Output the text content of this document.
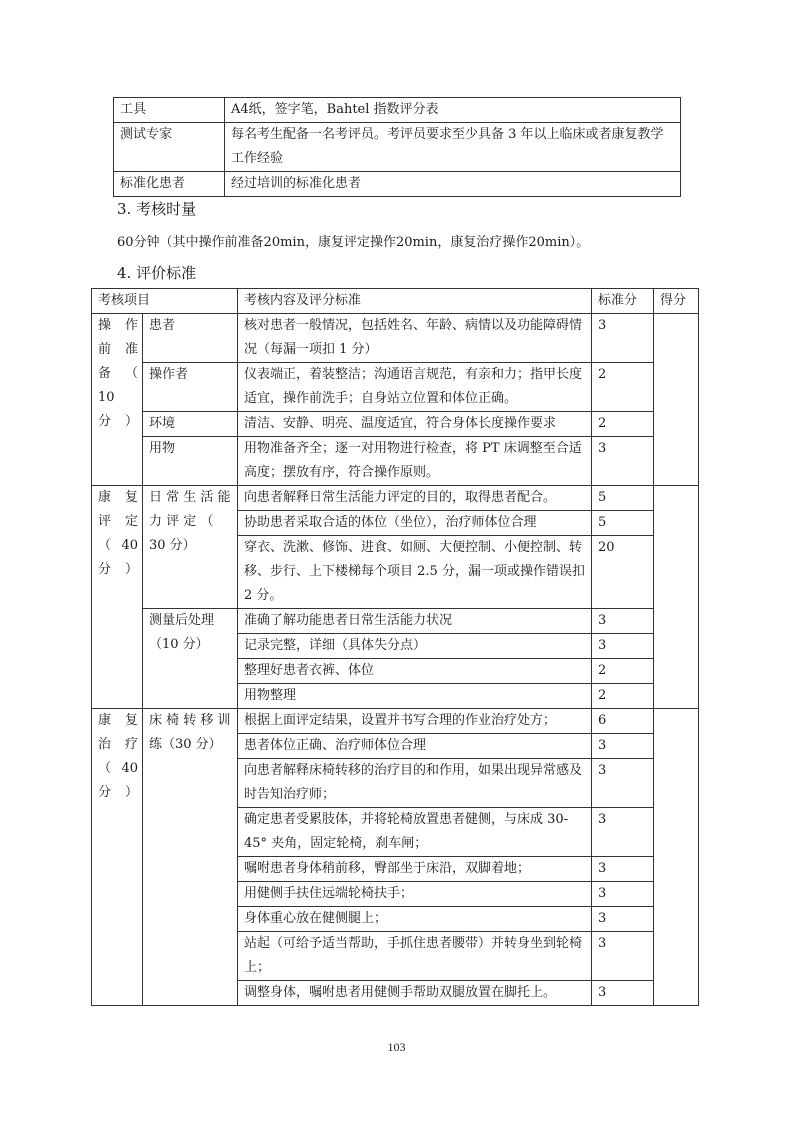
工具	A4纸，签字笔，Bahtel 指数评分表
测试专家	每名考生配备一名考评员。考评员要求至少具备 3 年以上临床或者康复教学工作经验
标准化患者	经过培训的标准化患者
3. 考核时量
60分钟（其中操作前准备20min，康复评定操作20min，康复治疗操作20min）。
4. 评价标准
考核项目		考核内容及评分标准	标准分	得分
操 作 前 准 备 （ 10 分）	患者	核对患者一般情况，包括姓名、年龄、病情以及功能障碍情况（每漏一项扣 1 分）	3	
	操作者	仪表端正，着装整洁；沟通语言规范，有亲和力；指甲长度适宜，操作前洗手；自身站立位置和体位正确。	2	
	环境	清洁、安静、明亮、温度适宜，符合身体长度操作要求	2	
	用物	用物准备齐全；逐一对用物进行检查，将 PT 床调整至合适高度；摆放有序，符合操作原则。	3	
康 复 评定 （ 40 分）	日 常 生 活 能 力 评 定 （ 30 分）	向患者解释日常生活能力评定的目的，取得患者配合。	5	
		协助患者采取合适的体位（坐位），治疗师体位合理	5	
		穿衣、洗漱、修饰、进食、如厕、大便控制、小便控制、转移、步行、上下楼梯每个项目 2.5 分，漏一项或操作错误扣 2 分。	20	
	测量后处理 （10 分）	准确了解功能患者日常生活能力状况	3	
		记录完整，详细（具体失分点）	3	
		整理好患者衣裤、体位	2	
		用物整理	2	
康 复 治疗 （ 40 分）	床 椅 转 移 训 练（30 分）	根据上面评定结果，设置并书写合理的作业治疗处方；	6	
		患者体位正确、治疗师体位合理	3	
		向患者解释床椅转移的治疗目的和作用，如果出现异常感及时告知治疗师；	3	
		确定患者受累肢体，并将轮椅放置患者健侧，与床成 30-45° 夹角，固定轮椅，刹车闸；	3	
		嘱咐患者身体稍前移，臀部坐于床沿，双脚着地；	3	
		用健侧手扶住远端轮椅扶手；	3	
		身体重心放在健侧腿上；	3	
		站起（可给予适当帮助，手抓住患者腰带）并转身坐到轮椅上；	3	
		调整身体，嘱咐患者用健侧手帮助双腿放置在脚托上。	3	
103
